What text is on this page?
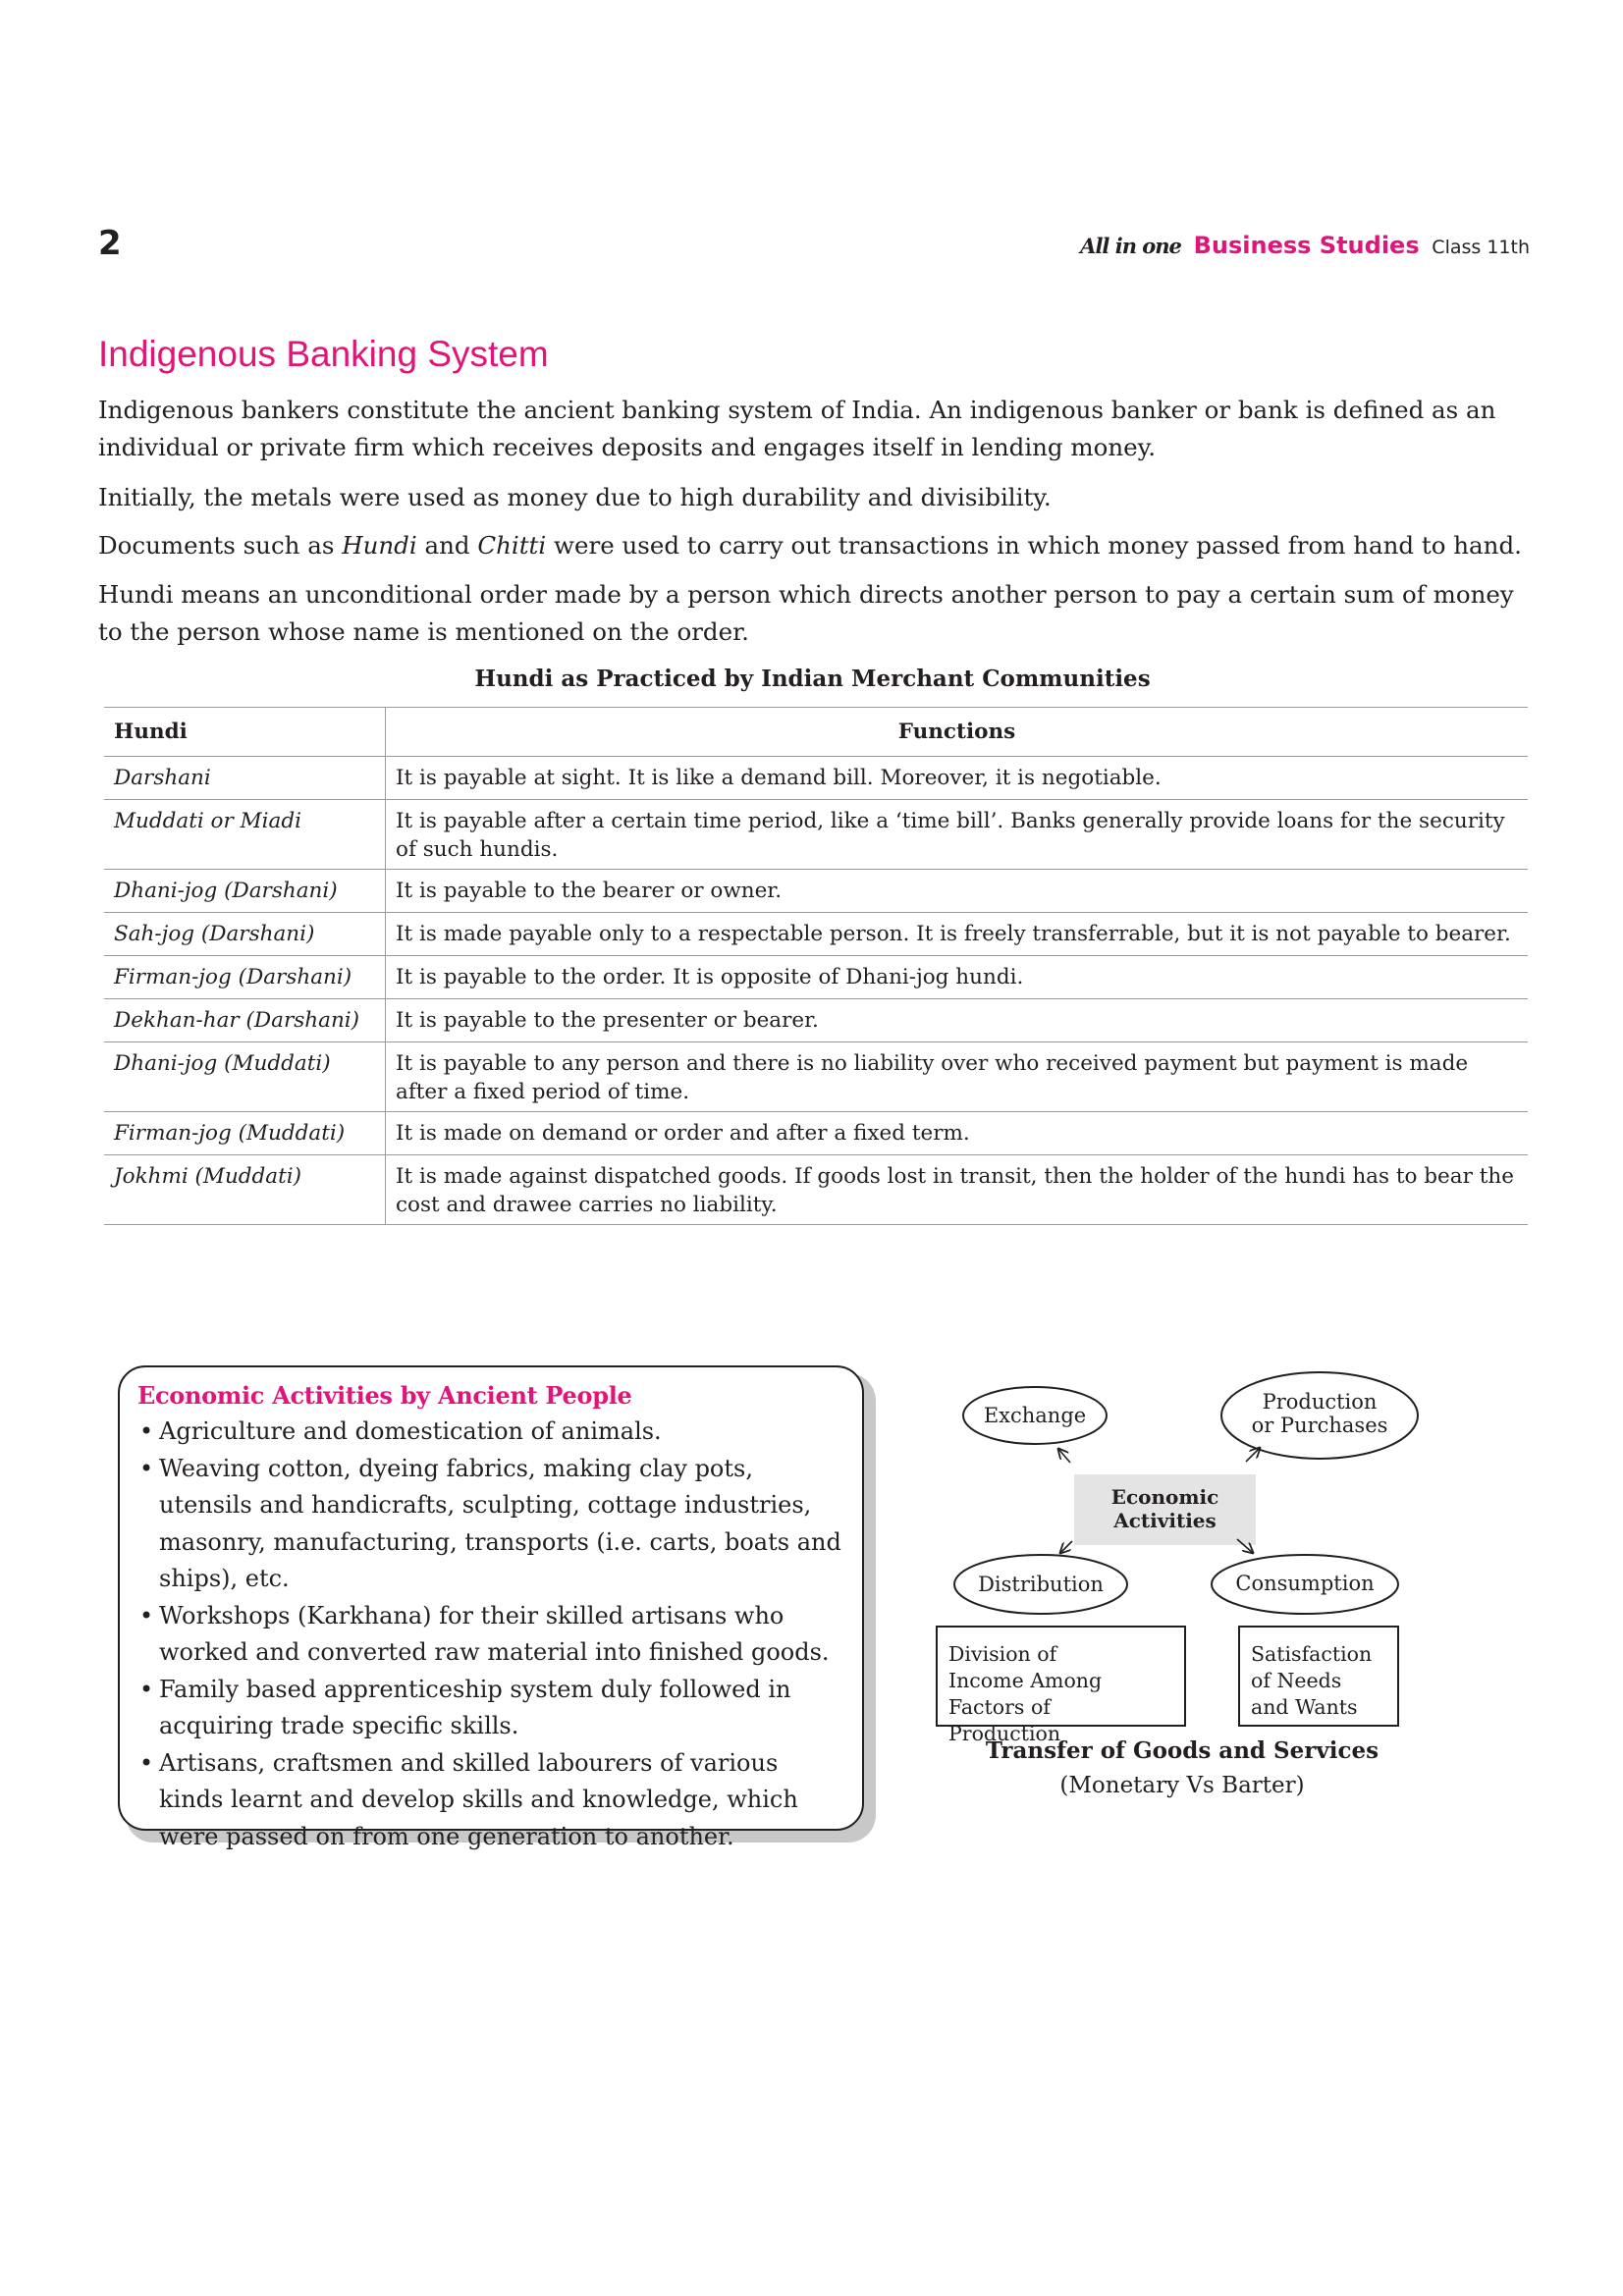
2	All in one Business Studies Class 11th
Indigenous Banking System

Indigenous bankers constitute the ancient banking system of India. An indigenous banker or bank is defined as an individual or private firm which receives deposits and engages itself in lending money.

Initially, the metals were used as money due to high durability and divisibility.

Documents such as Hundi and Chitti were used to carry out transactions in which money passed from hand to hand.

Hundi means an unconditional order made by a person which directs another person to pay a certain sum of money to the person whose name is mentioned on the order.

Hundi as Practiced by Indian Merchant Communities

Hundi	Functions
Darshani	It is payable at sight. It is like a demand bill. Moreover, it is negotiable.
Muddati or Miadi	It is payable after a certain time period, like a ‘time bill’. Banks generally provide loans for the security of such hundis.
Dhani-jog (Darshani)	It is payable to the bearer or owner.
Sah-jog (Darshani)	It is made payable only to a respectable person. It is freely transferrable, but it is not payable to bearer.
Firman-jog (Darshani)	It is payable to the order. It is opposite of Dhani-jog hundi.
Dekhan-har (Darshani)	It is payable to the presenter or bearer.
Dhani-jog (Muddati)	It is payable to any person and there is no liability over who received payment but payment is made after a fixed period of time.
Firman-jog (Muddati)	It is made on demand or order and after a fixed term.
Jokhmi (Muddati)	It is made against dispatched goods. If goods lost in transit, then the holder of the hundi has to bear the cost and drawee carries no liability.
Economic Activities by Ancient People
• Agriculture and domestication of animals.
• Weaving cotton, dyeing fabrics, making clay pots, utensils and handicrafts, sculpting, cottage industries, masonry, manufacturing, transports (i.e. carts, boats and ships), etc.
• Workshops (Karkhana) for their skilled artisans who worked and converted raw material into finished goods.
• Family based apprenticeship system duly followed in acquiring trade specific skills.
• Artisans, craftsmen and skilled labourers of various kinds learnt and develop skills and knowledge, which were passed on from one generation to another.
Exchange
Production or Purchases
Economic Activities
Distribution	Consumption
Division of Income Among Factors of Production
Satisfaction of Needs and Wants
Transfer of Goods and Services
(Monetary Vs Barter)
